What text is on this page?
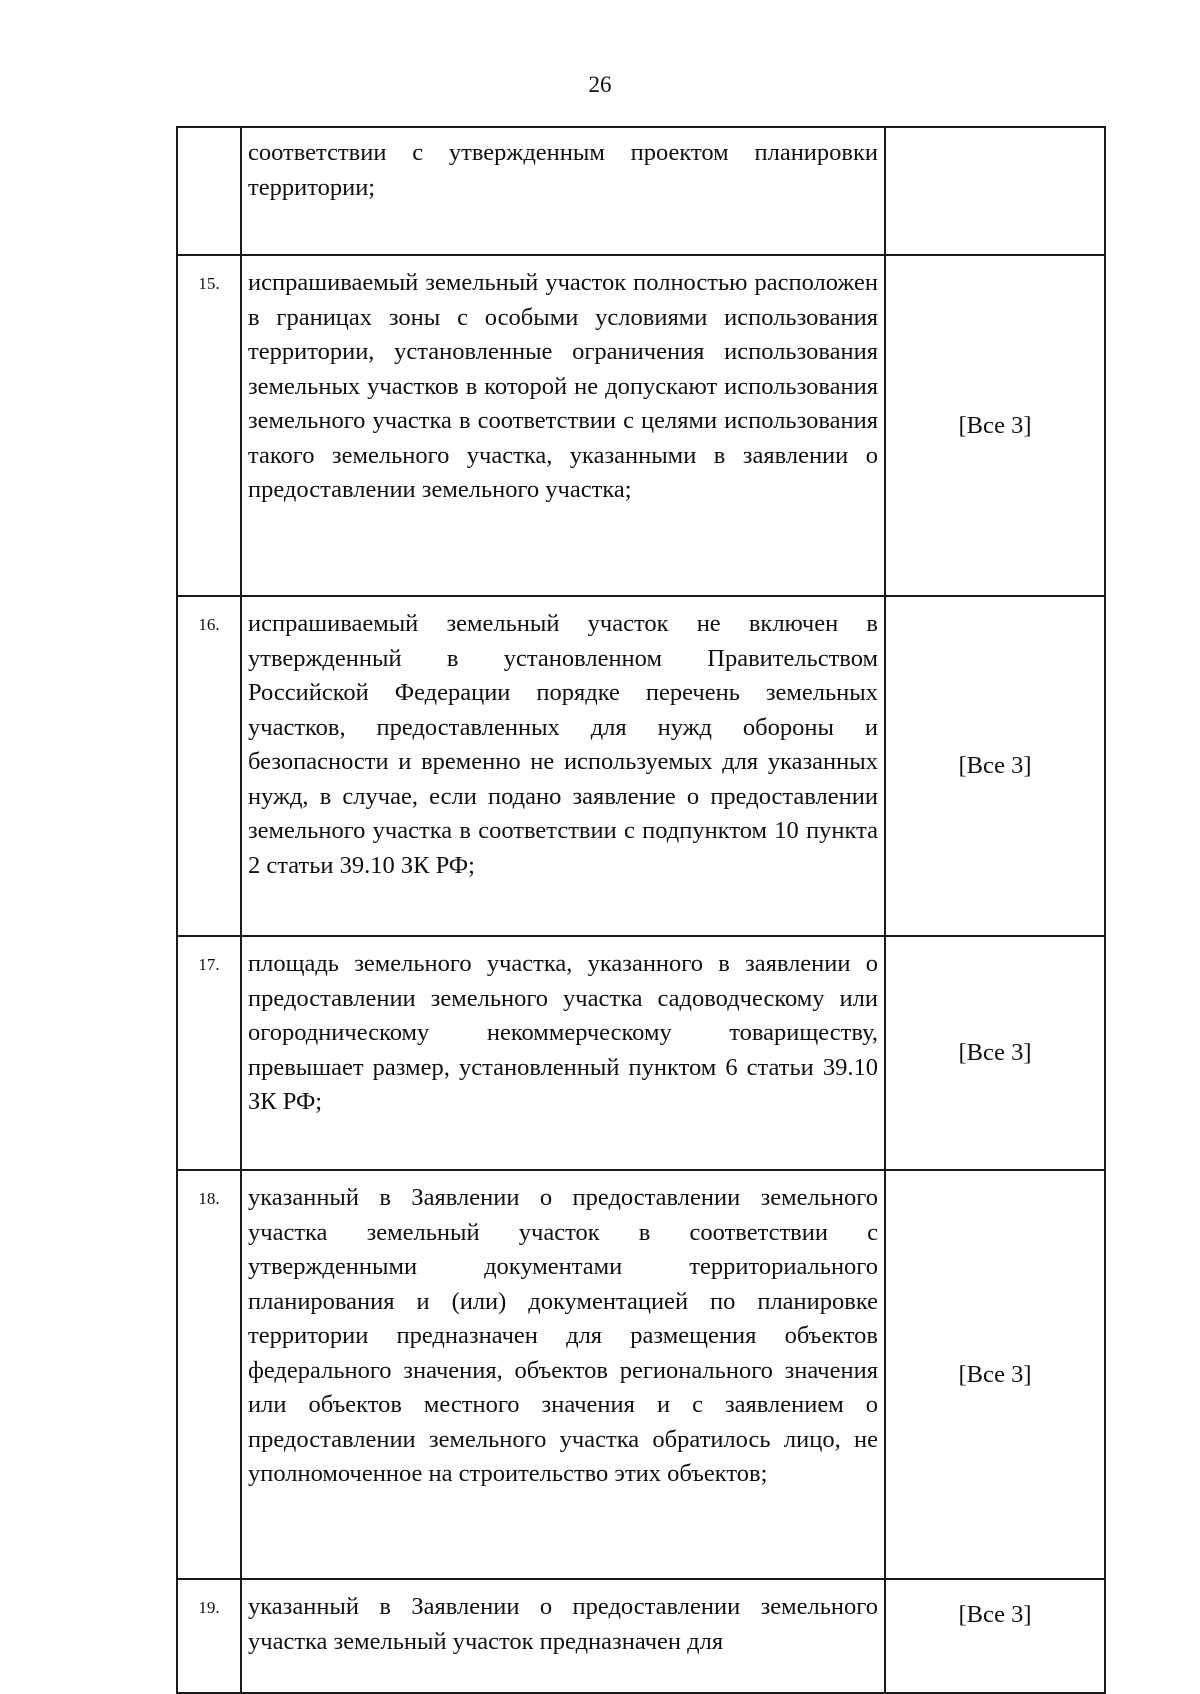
26
	соответствии с утвержденным проектом планировки территории;	
15.	испрашиваемый земельный участок полностью расположен в границах зоны с особыми условиями использования территории, установленные ограничения использования земельных участков в которой не допускают использования земельного участка в соответствии с целями использования такого земельного участка, указанными в заявлении о предоставлении земельного участка;	[Все 3]
16.	испрашиваемый земельный участок не включен в утвержденный в установленном Правительством Российской Федерации порядке перечень земельных участков, предоставленных для нужд обороны и безопасности и временно не используемых для указанных нужд, в случае, если подано заявление о предоставлении земельного участка в соответствии с подпунктом 10 пункта 2 статьи 39.10 ЗК РФ;	[Все 3]
17.	площадь земельного участка, указанного в заявлении о предоставлении земельного участка садоводческому или огородническому некоммерческому товариществу, превышает размер, установленный пунктом 6 статьи 39.10 ЗК РФ;	[Все 3]
18.	указанный в Заявлении о предоставлении земельного участка земельный участок в соответствии с утвержденными документами территориального планирования и (или) документацией по планировке территории предназначен для размещения объектов федерального значения, объектов регионального значения или объектов местного значения и с заявлением о предоставлении земельного участка обратилось лицо, не уполномоченное на строительство этих объектов;	[Все 3]
19.	указанный в Заявлении о предоставлении земельного участка земельный участок предназначен для	[Все 3]
